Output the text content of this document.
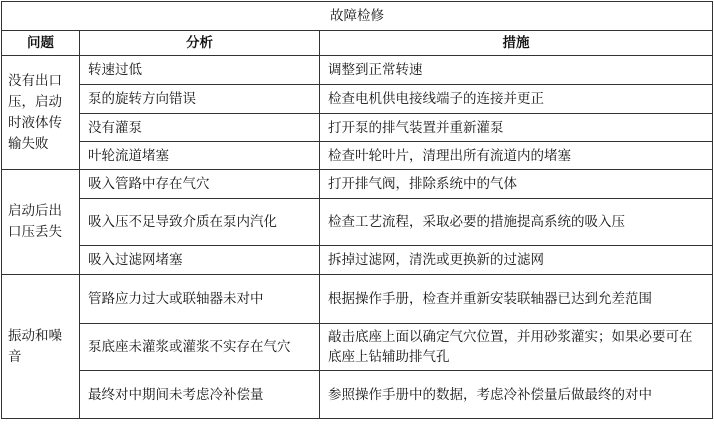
故障检修		
问题	分析	措施
没有出口压，启动时液体传输失败	转速过低	调整到正常转速
	泵的旋转方向错误	检查电机供电接线端子的连接并更正
	没有灌泵	打开泵的排气装置并重新灌泵
	叶轮流道堵塞	检查叶轮叶片，清理出所有流道内的堵塞
启动后出口压丢失	吸入管路中存在气穴	打开排气阀，排除系统中的气体
	吸入压不足导致介质在泵内汽化	检查工艺流程，采取必要的措施提高系统的吸入压
	吸入过滤网堵塞	拆掉过滤网，清洗或更换新的过滤网
振动和噪音	管路应力过大或联轴器未对中	根据操作手册，检查并重新安装联轴器已达到允差范围
	泵底座未灌浆或灌浆不实存在气穴	敲击底座上面以确定气穴位置，并用砂浆灌实；如果必要可在底座上钻辅助排气孔
	最终对中期间未考虑冷补偿量	参照操作手册中的数据，考虑冷补偿量后做最终的对中
